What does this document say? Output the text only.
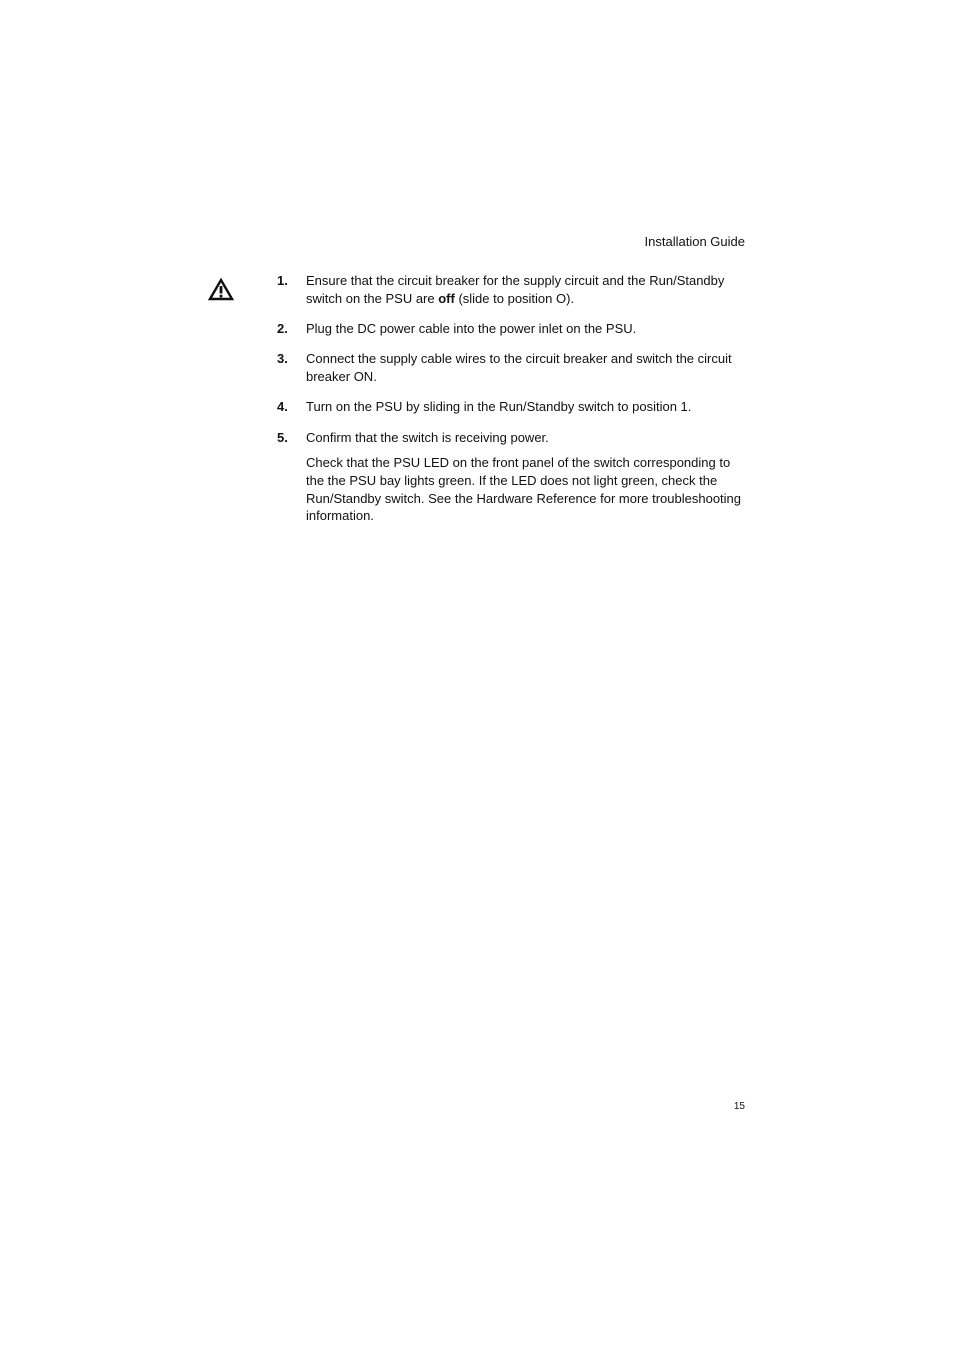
Installation Guide
1. Ensure that the circuit breaker for the supply circuit and the Run/Standby switch on the PSU are off (slide to position O).
2. Plug the DC power cable into the power inlet on the PSU.
3. Connect the supply cable wires to the circuit breaker and switch the circuit breaker ON.
4. Turn on the PSU by sliding in the Run/Standby switch to position 1.
5. Confirm that the switch is receiving power.
Check that the PSU LED on the front panel of the switch corresponding to the the PSU bay lights green. If the LED does not light green, check the Run/Standby switch. See the Hardware Reference for more troubleshooting information.
15
